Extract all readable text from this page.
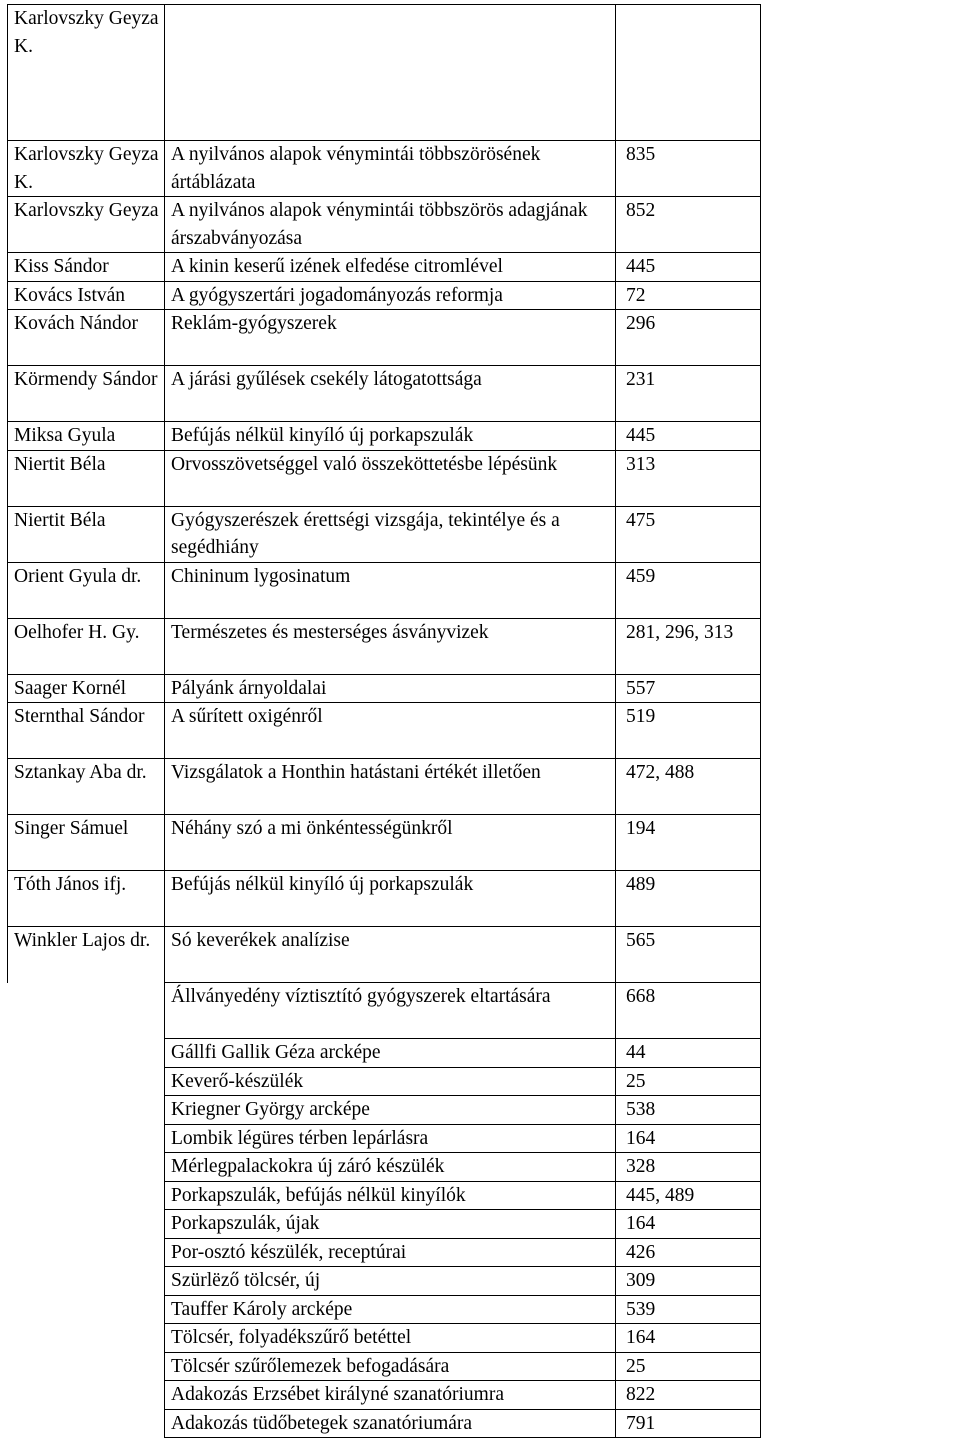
Karlovszky Geyza K.		
Karlovszky Geyza K.	A nyilvános alapok vénymintái többszörösének ártáblázata	835
Karlovszky Geyza	A nyilvános alapok vénymintái többszörös adagjának árszabványozása	852
Kiss Sándor	A kinin keserű izének elfedése citromlével	445
Kovács István	A gyógyszertári jogadományozás reformja	72
Kovách Nándor	Reklám-gyógyszerek	296
Körmendy Sándor	A járási gyűlések csekély látogatottsága	231
Miksa Gyula	Befújás nélkül kinyíló új porkapszulák	445
Niertit Béla	Orvosszövetséggel való összeköttetésbe lépésünk	313
Niertit Béla	Gyógyszerészek érettségi vizsgája, tekintélye és a segédhiány	475
Orient Gyula dr.	Chininum lygosinatum	459
Oelhofer H. Gy.	Természetes és mesterséges ásványvizek	281, 296, 313
Saager Kornél	Pályánk árnyoldalai	557
Sternthal Sándor	A sűrített oxigénről	519
Sztankay Aba dr.	Vizsgálatok a Honthin hatástani értékét illetően	472, 488
Singer Sámuel	Néhány szó a mi önkéntességünkről	194
Tóth János ifj.	Befújás nélkül kinyíló új porkapszulák	489
Winkler Lajos dr.	Só keverékek analízise	565
	Állványedény víztisztító gyógyszerek eltartására	668
	Gállfi Gallik Géza arcképe	44
	Keverő-készülék	25
	Kriegner György arcképe	538
	Lombik légüres térben lepárlásra	164
	Mérlegpalackokra új záró készülék	328
	Porkapszulák, befújás nélkül kinyílók	445, 489
	Porkapszulák, újak	164
	Por-osztó készülék, receptúrai	426
	Szürlëző tölcsér, új	309
	Tauffer Károly arcképe	539
	Tölcsér, folyadékszűrő betéttel	164
	Tölcsér szűrőlemezek befogadására	25
	Adakozás Erzsébet királyné szanatóriumra	822
	Adakozás tüdőbetegek szanatóriumára	791
